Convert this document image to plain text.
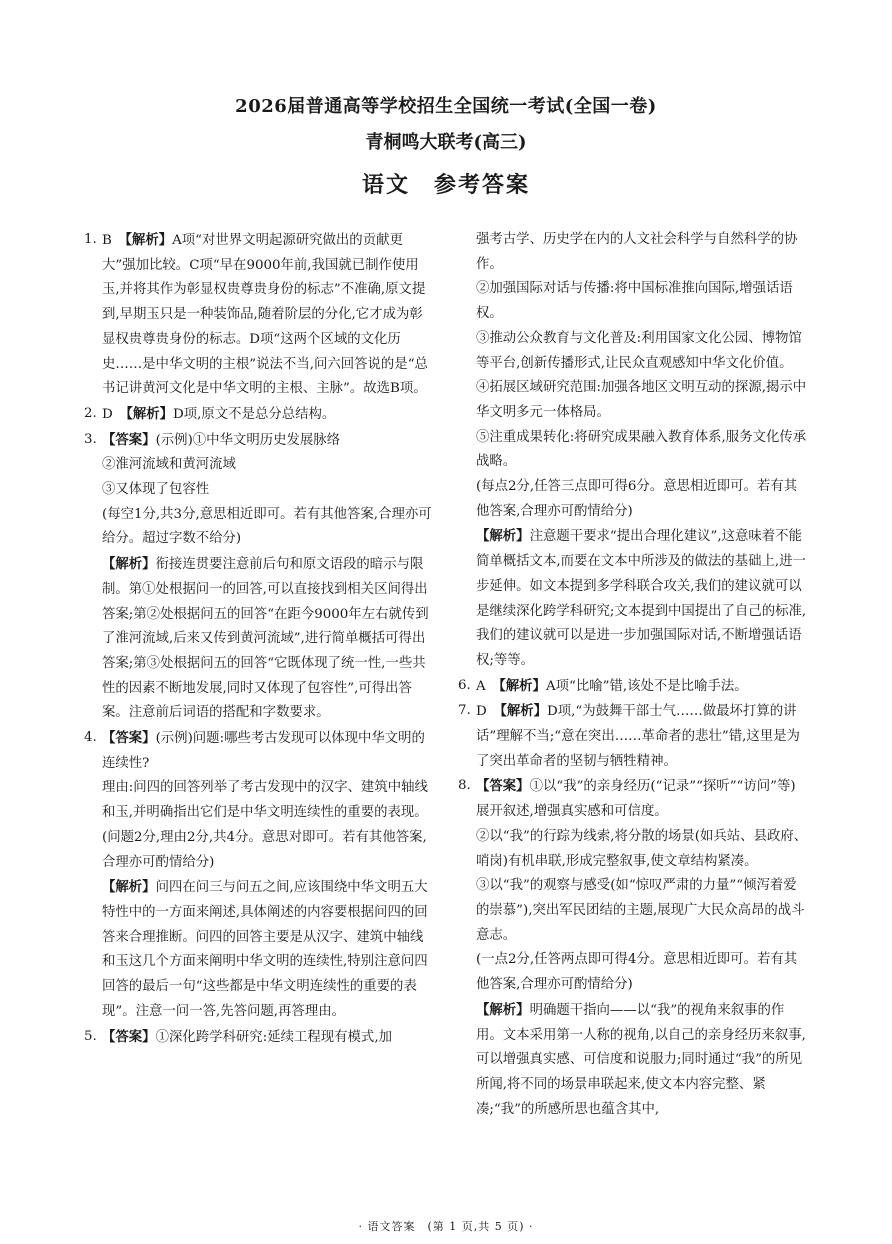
2026届普通高等学校招生全国统一考试(全国一卷)
青桐鸣大联考(高三)
语文　参考答案

1. B　【解析】A项“对世界文明起源研究做出的贡献更大”强加比较。C项“早在9000年前,我国就已制作使用玉,并将其作为彰显权贵尊贵身份的标志”不准确,原文提到,早期玉只是一种装饰品,随着阶层的分化,它才成为彰显权贵尊贵身份的标志。D项“这两个区域的文化历史……是中华文明的主根”说法不当,问六回答说的是“总书记讲黄河文化是中华文明的主根、主脉”。故选B项。

2. D　【解析】D项,原文不是总分总结构。

3. 【答案】(示例)①中华文明历史发展脉络

②淮河流域和黄河流域

③又体现了包容性

(每空1分,共3分,意思相近即可。若有其他答案,合理亦可给分。超过字数不给分)

【解析】衔接连贯要注意前后句和原文语段的暗示与限制。第①处根据问一的回答,可以直接找到相关区间得出答案;第②处根据问五的回答“在距今9000年左右就传到了淮河流域,后来又传到黄河流域”,进行简单概括可得出答案;第③处根据问五的回答“它既体现了统一性,一些共性的因素不断地发展,同时又体现了包容性”,可得出答案。注意前后词语的搭配和字数要求。

4. 【答案】(示例)问题:哪些考古发现可以体现中华文明的连续性?

理由:问四的回答列举了考古发现中的汉字、建筑中轴线和玉,并明确指出它们是中华文明连续性的重要的表现。

(问题2分,理由2分,共4分。意思对即可。若有其他答案,合理亦可酌情给分)

【解析】问四在问三与问五之间,应该围绕中华文明五大特性中的一方面来阐述,具体阐述的内容要根据问四的回答来合理推断。问四的回答主要是从汉字、建筑中轴线和玉这几个方面来阐明中华文明的连续性,特别注意问四回答的最后一句“这些都是中华文明连续性的重要的表现”。注意一问一答,先答问题,再答理由。

5. 【答案】①深化跨学科研究:延续工程现有模式,加

强考古学、历史学在内的人文社会科学与自然科学的协作。

②加强国际对话与传播:将中国标准推向国际,增强话语权。

③推动公众教育与文化普及:利用国家文化公园、博物馆等平台,创新传播形式,让民众直观感知中华文化价值。

④拓展区域研究范围:加强各地区文明互动的探源,揭示中华文明多元一体格局。

⑤注重成果转化:将研究成果融入教育体系,服务文化传承战略。

(每点2分,任答三点即可得6分。意思相近即可。若有其他答案,合理亦可酌情给分)

【解析】注意题干要求“提出合理化建议”,这意味着不能简单概括文本,而要在文本中所涉及的做法的基础上,进一步延伸。如文本提到多学科联合攻关,我们的建议就可以是继续深化跨学科研究;文本提到中国提出了自己的标准,我们的建议就可以是进一步加强国际对话,不断增强话语权;等等。

6. A　【解析】A项“比喻”错,该处不是比喻手法。

7. D　【解析】D项,“为鼓舞干部士气……做最坏打算的讲话”理解不当;“意在突出……革命者的悲壮”错,这里是为了突出革命者的坚韧与牺牲精神。

8. 【答案】①以“我”的亲身经历(“记录”“探听”“访问”等)展开叙述,增强真实感和可信度。

②以“我”的行踪为线索,将分散的场景(如兵站、县政府、哨岗)有机串联,形成完整叙事,使文章结构紧凑。

③以“我”的观察与感受(如“惊叹严肃的力量”“倾泻着爱的崇慕”),突出军民团结的主题,展现广大民众高昂的战斗意志。

(一点2分,任答两点即可得4分。意思相近即可。若有其他答案,合理亦可酌情给分)

【解析】明确题干指向——以“我”的视角来叙事的作用。文本采用第一人称的视角,以自己的亲身经历来叙事,可以增强真实感、可信度和说服力;同时通过“我”的所见所闻,将不同的场景串联起来,使文本内容完整、紧凑;“我”的所感所思也蕴含其中,

· 语文答案　(第 1 页,共 5 页) ·
